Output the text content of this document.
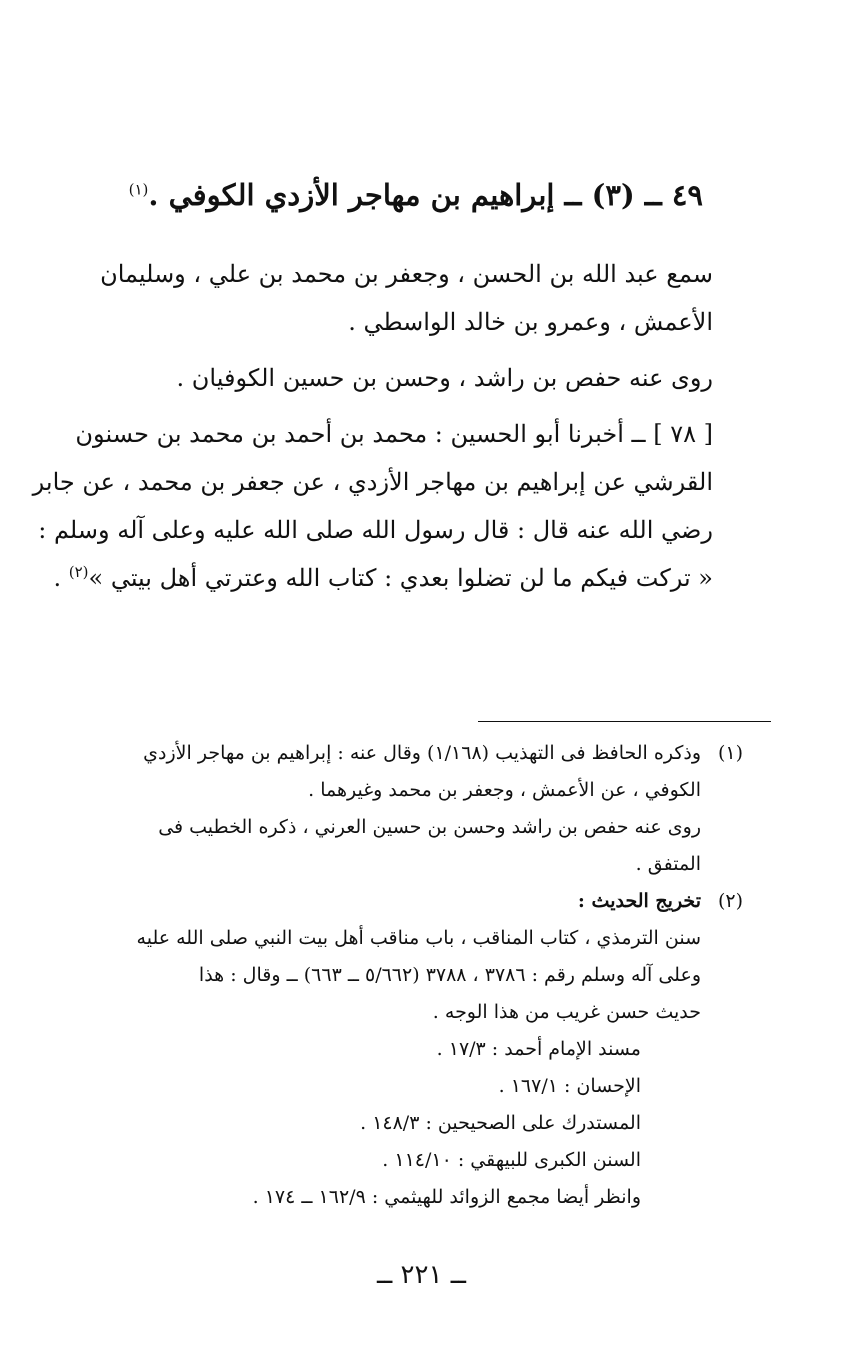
٤٩ ــ (٣) ــ إبراهيم بن مهاجر الأزدي الكوفي .$^{(١)}$
سمع عبد الله بن الحسن ، وجعفر بن محمد بن علي ، وسليمان
الأعمش ، وعمرو بن خالد الواسطي .
روى عنه حفص بن راشد ، وحسن بن حسين الكوفيان .
[ ٧٨ ] ــ أخبرنا أبو الحسين : محمد بن أحمد بن محمد بن حسنون
القرشي عن إبراهيم بن مهاجر الأزدي ، عن جعفر بن محمد ، عن جابر
رضي الله عنه قال : قال رسول الله صلى الله عليه وعلى آله وسلم :
« تركت فيكم ما لن تضلوا بعدي : كتاب الله وعترتي أهل بيتي »$^{(٢)}$ .
(١)
وذكره الحافظ فى التهذيب (١/١٦٨) وقال عنه : إبراهيم بن مهاجر الأزدي
الكوفي ، عن الأعمش ، وجعفر بن محمد وغيرهما .
روى عنه حفص بن راشد وحسن بن حسين العرني ، ذكره الخطيب فى
المتفق .
(٢)
تخريج الحديث :
سنن الترمذي ، كتاب المناقب ، باب مناقب أهل بيت النبي صلى الله عليه
وعلى آله وسلم رقم : ٣٧٨٦ ، ٣٧٨٨ (٥/٦٦٢ ــ ٦٦٣) ــ وقال : هذا
حديث حسن غريب من هذا الوجه .
مسند الإمام أحمد : ١٧/٣ .
الإحسان : ١٦٧/١ .
المستدرك على الصحيحين : ١٤٨/٣ .
السنن الكبرى للبيهقي : ١١٤/١٠ .
وانظر أيضا مجمع الزوائد للهيثمي : ١٦٢/٩ ــ ١٧٤ .
ــ ٢٢١ ــ
